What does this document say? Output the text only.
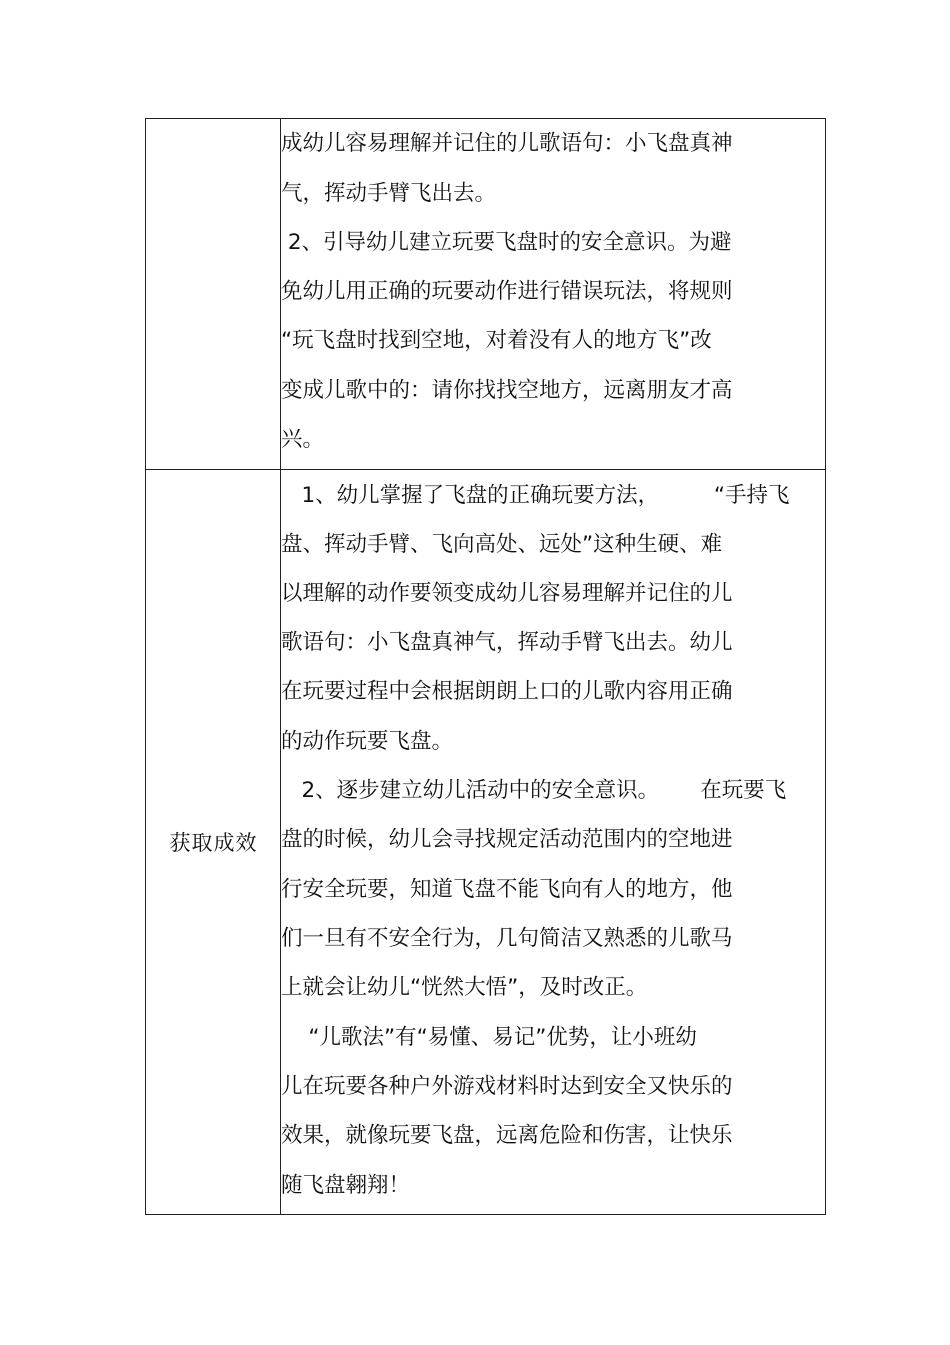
成幼儿容易理解并记住的儿歌语句：小飞盘真神
气，挥动手臂飞出去。
2、引导幼儿建立玩要飞盘时的安全意识。为避
免幼儿用正确的玩要动作进行错误玩法，将规则
“玩飞盘时找到空地，对着没有人的地方飞”改
变成儿歌中的：请你找找空地方，远离朋友才高
兴。
获取成效
1、幼儿掌握了飞盘的正确玩要方法，        “手持飞
盘、挥动手臂、飞向高处、远处”这种生硬、难
以理解的动作要领变成幼儿容易理解并记住的儿
歌语句：小飞盘真神气，挥动手臂飞出去。幼儿
在玩要过程中会根据朗朗上口的儿歌内容用正确
的动作玩要飞盘。
2、逐步建立幼儿活动中的安全意识。      在玩要飞
盘的时候，幼儿会寻找规定活动范围内的空地进
行安全玩要，知道飞盘不能飞向有人的地方，他
们一旦有不安全行为，几句简洁又熟悉的儿歌马
上就会让幼儿“恍然大悟”，及时改正。
“儿歌法”有“易懂、易记”优势，让小班幼
儿在玩要各种户外游戏材料时达到安全又快乐的
效果，就像玩要飞盘，远离危险和伤害，让快乐
随飞盘翱翔！
